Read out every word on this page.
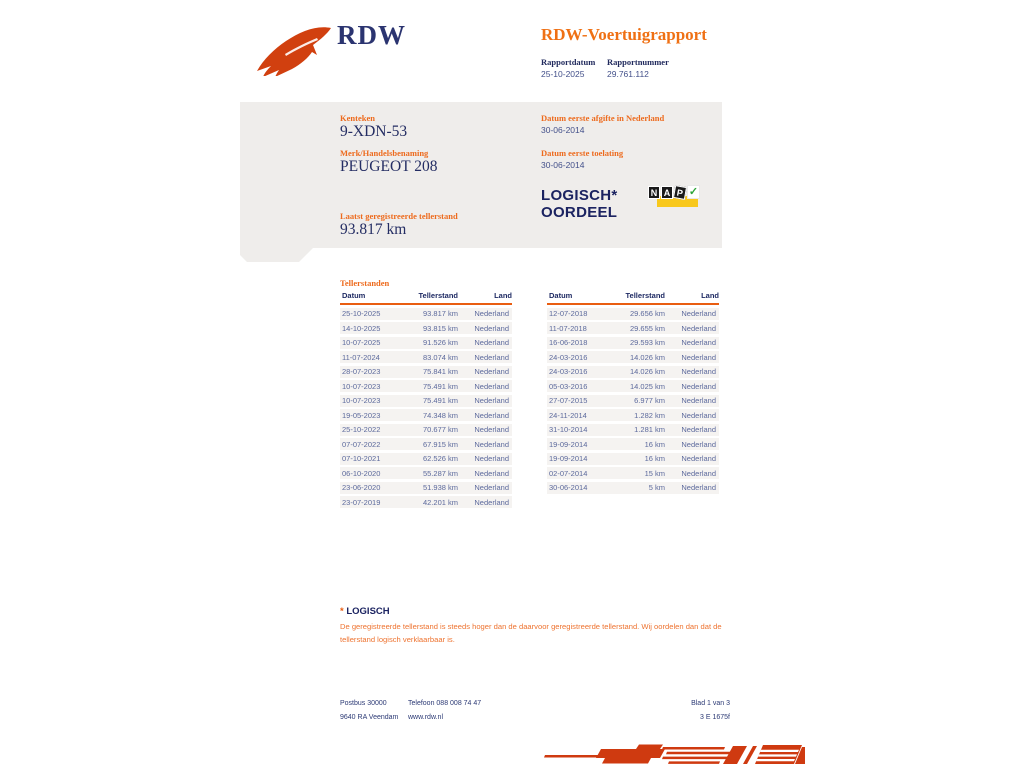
RDW	RDW-Voertuigrapport
Rapportdatum Rapportnummer
25-10-2025	29.761.112
Kenteken
9-XDN-53
Merk/Handelsbenaming
PEUGEOT 208
Laatst geregistreerde tellerstand
93.817 km
Datum eerste afgifte in Nederland
30-06-2014
Datum eerste toelating
30-06-2014
LOGISCH*
OORDEEL
N A P ✓
Tellerstanden
Datum	Tellerstand	Land
25-10-2025	93.817 km	Nederland
14-10-2025	93.815 km	Nederland
10-07-2025	91.526 km	Nederland
11-07-2024	83.074 km	Nederland
28-07-2023	75.841 km	Nederland
10-07-2023	75.491 km	Nederland
10-07-2023	75.491 km	Nederland
19-05-2023	74.348 km	Nederland
25-10-2022	70.677 km	Nederland
07-07-2022	67.915 km	Nederland
07-10-2021	62.526 km	Nederland
06-10-2020	55.287 km	Nederland
23-06-2020	51.938 km	Nederland
23-07-2019	42.201 km	Nederland
Datum	Tellerstand	Land
12-07-2018	29.656 km	Nederland
11-07-2018	29.655 km	Nederland
16-06-2018	29.593 km	Nederland
24-03-2016	14.026 km	Nederland
24-03-2016	14.026 km	Nederland
05-03-2016	14.025 km	Nederland
27-07-2015	6.977 km	Nederland
24-11-2014	1.282 km	Nederland
31-10-2014	1.281 km	Nederland
19-09-2014	16 km	Nederland
19-09-2014	16 km	Nederland
02-07-2014	15 km	Nederland
30-06-2014	5 km	Nederland
* LOGISCH
De geregistreerde tellerstand is steeds hoger dan de daarvoor geregistreerde tellerstand. Wij oordelen dan dat de tellerstand logisch verklaarbaar is.
Postbus 30000
9640 RA Veendam
Telefoon 088 008 74 47
www.rdw.nl
Blad 1 van 3
3 E 1675f
